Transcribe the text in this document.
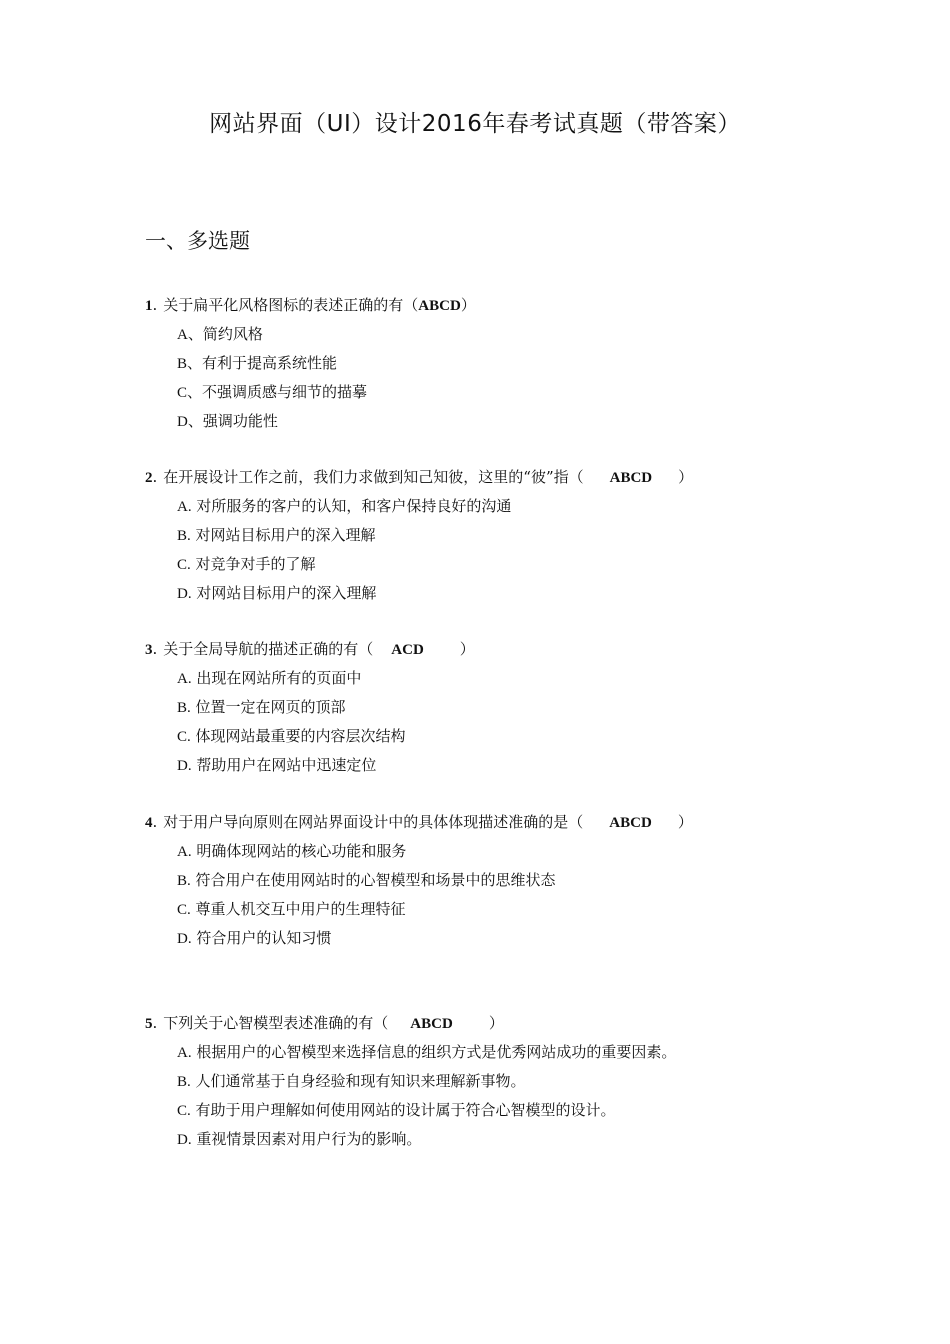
网站界面（UI）设计2016年春考试真题（带答案）
一、多选题
1. 关于扁平化风格图标的表述正确的有（ABCD）
A、简约风格
B、有利于提高系统性能
C、不强调质感与细节的描摹
D、强调功能性
2. 在开展设计工作之前，我们力求做到知己知彼，这里的“彼”指（ ABCD ）
A. 对所服务的客户的认知，和客户保持良好的沟通
B. 对网站目标用户的深入理解
C. 对竞争对手的了解
D. 对网站目标用户的深入理解
3. 关于全局导航的描述正确的有（ ACD ）
A. 出现在网站所有的页面中
B. 位置一定在网页的顶部
C. 体现网站最重要的内容层次结构
D. 帮助用户在网站中迅速定位
4. 对于用户导向原则在网站界面设计中的具体体现描述准确的是（ ABCD ）
A. 明确体现网站的核心功能和服务
B. 符合用户在使用网站时的心智模型和场景中的思维状态
C. 尊重人机交互中用户的生理特征
D. 符合用户的认知习惯
5. 下列关于心智模型表述准确的有（ ABCD ）
A. 根据用户的心智模型来选择信息的组织方式是优秀网站成功的重要因素。
B. 人们通常基于自身经验和现有知识来理解新事物。
C. 有助于用户理解如何使用网站的设计属于符合心智模型的设计。
D. 重视情景因素对用户行为的影响。
